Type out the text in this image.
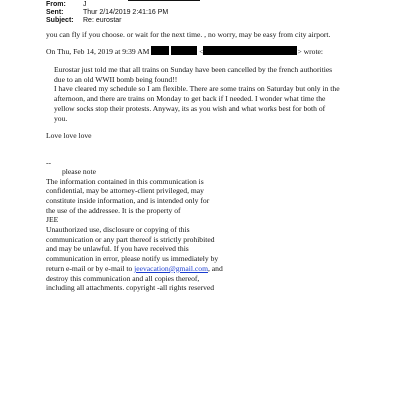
From: J
Sent:	Thur 2/14/2019 2:41:16 PM
Subject: Re: eurostar
you can fly if you choose. or wait for the next time. , no worry, may be easy from city airport.
On Thu, Feb 14, 2019 at 9:39 AM	<	> wrote:
Eurostar just told me that all trains on Sunday have been cancelled by the french authorities
due to an old WWII bomb being found!!
I have cleared my schedule so I am flexible. There are some trains on Saturday but only in the
afternoon, and there are trains on Monday to get back if I needed. I wonder what time the
yellow socks stop their protests. Anyway, its as you wish and what works best for both of
you.
Love love love
--
please note
The information contained in this communication is
confidential, may be attorney-client privileged, may
constitute inside information, and is intended only for
the use of the addressee. It is the property of
JEE
Unauthorized use, disclosure or copying of this
communication or any part thereof is strictly prohibited
and may be unlawful. If you have received this
communication in error, please notify us immediately by
return e-mail or by e-mail to jeevacation@gmail.com, and
destroy this communication and all copies thereof,
including all attachments. copyright -all rights reserved
